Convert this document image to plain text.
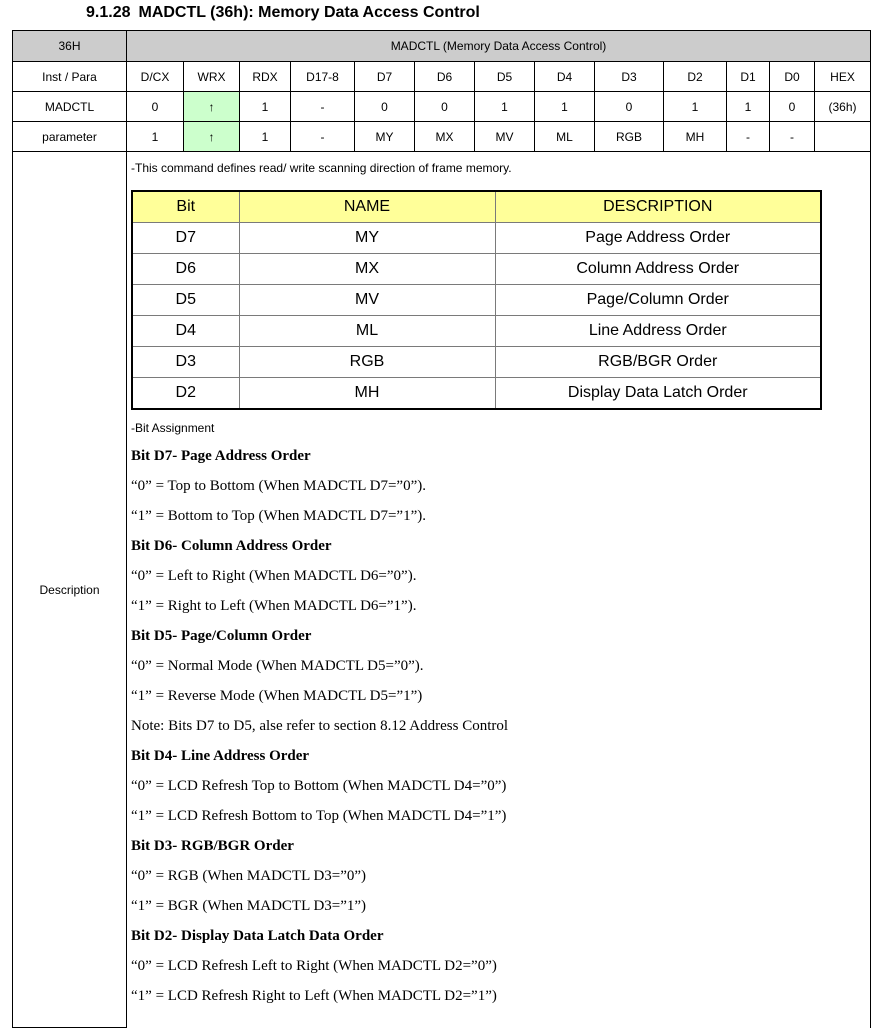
9.1.28 MADCTL (36h): Memory Data Access Control
36H	MADCTL (Memory Data Access Control)
Inst / Para	D/CX	WRX	RDX	D17-8	D7	D6	D5	D4	D3	D2	D1	D0	HEX
MADCTL	0	↑	1	-	0	0	1	1	0	1	1	0	(36h)
parameter	1	↑	1	-	MY	MX	MV	ML	RGB	MH	-	-	
Description	
-This command defines read/ write scanning direction of frame memory.
Bit	NAME	DESCRIPTION
D7	MY	Page Address Order
D6	MX	Column Address Order
D5	MV	Page/Column Order
D4	ML	Line Address Order
D3	RGB	RGB/BGR Order
D2	MH	Display Data Latch Order
-Bit Assignment
Bit D7- Page Address Order
“0” = Top to Bottom (When MADCTL D7=”0”).
“1” = Bottom to Top (When MADCTL D7=”1”).
Bit D6- Column Address Order
“0” = Left to Right (When MADCTL D6=”0”).
“1” = Right to Left (When MADCTL D6=”1”).
Bit D5- Page/Column Order
“0” = Normal Mode (When MADCTL D5=”0”).
“1” = Reverse Mode (When MADCTL D5=”1”)
Note: Bits D7 to D5, alse refer to section 8.12 Address Control
Bit D4- Line Address Order
“0” = LCD Refresh Top to Bottom (When MADCTL D4=”0”)
“1” = LCD Refresh Bottom to Top (When MADCTL D4=”1”)
Bit D3- RGB/BGR Order
“0” = RGB (When MADCTL D3=”0”)
“1” = BGR (When MADCTL D3=”1”)
Bit D2- Display Data Latch Data Order
“0” = LCD Refresh Left to Right (When MADCTL D2=”0”)
“1” = LCD Refresh Right to Left (When MADCTL D2=”1”)
